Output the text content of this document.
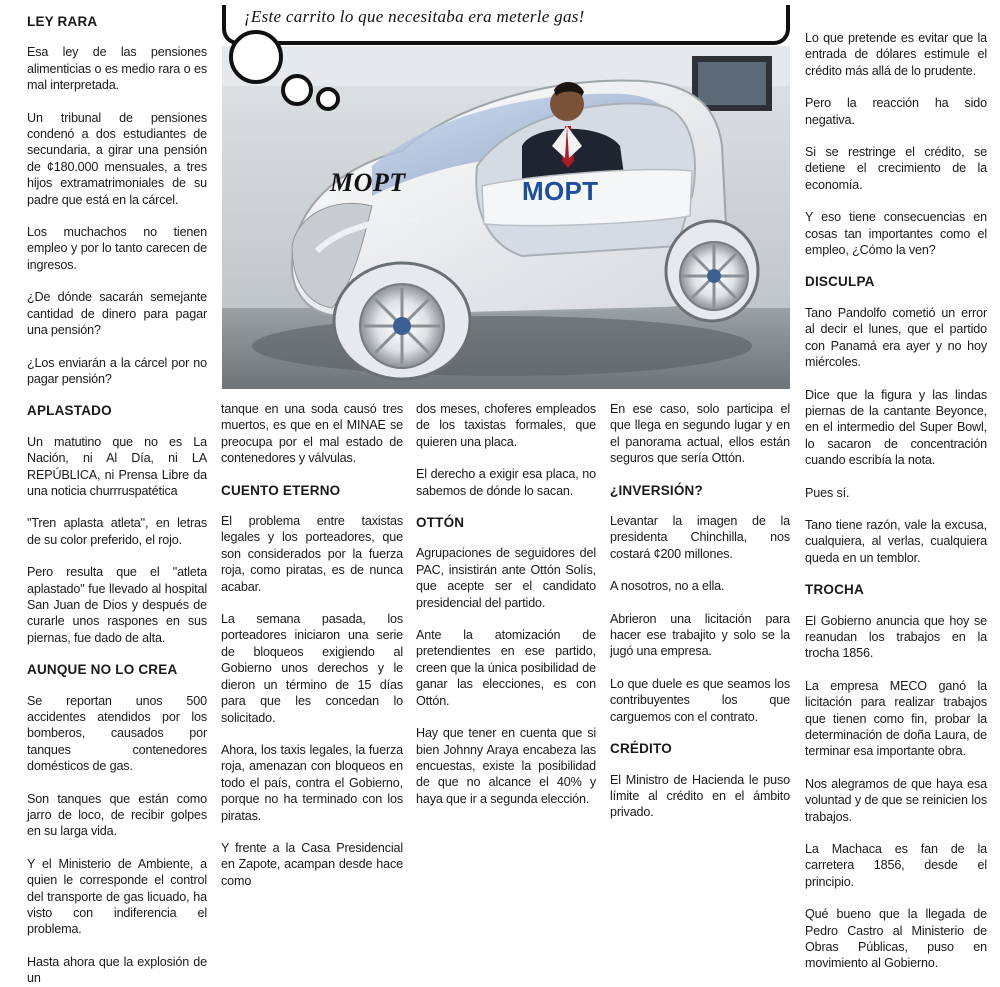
LEY RARA

Esa ley de las pensiones alimenticias o es medio rara o es mal interpretada.

Un tribunal de pensiones condenó a dos estudiantes de secundaria, a girar una pensión de ¢180.000 mensuales, a tres hijos extramatrimoniales de su padre que está en la cárcel.

Los muchachos no tienen empleo y por lo tanto carecen de ingresos.

¿De dónde sacarán semejante cantidad de dinero para pagar una pensión?

¿Los enviarán a la cárcel por no pagar pensión?

APLASTADO

Un matutino que no es La Nación, ni Al Día, ni LA REPÚBLICA, ni Prensa Libre da una noticia churrruspatética

"Tren aplasta atleta", en letras de su color preferido, el rojo.

Pero resulta que el "atleta aplastado" fue llevado al hospital San Juan de Dios y después de curarle unos raspones en sus piernas, fue dado de alta.

AUNQUE NO LO CREA

Se reportan unos 500 accidentes atendidos por los bomberos, causados por tanques contenedores domésticos de gas.

Son tanques que están como jarro de loco, de recibir golpes en su larga vida.

Y el Ministerio de Ambiente, a quien le corresponde el control del transporte de gas licuado, ha visto con indiferencia el problema.

Hasta ahora que la explosión de un

¡Este carrito lo que necesitaba era meterle gas!
MOPT	MOPT

tanque en una soda causó tres muertos, es que en el MINAE se preocupa por el mal estado de contenedores y válvulas.

CUENTO ETERNO

El problema entre taxistas legales y los porteadores, que son considerados por la fuerza roja, como piratas, es de nunca acabar.

La semana pasada, los porteadores iniciaron una serie de bloqueos exigiendo al Gobierno unos derechos y le dieron un término de 15 días para que les concedan lo solicitado.

Ahora, los taxis legales, la fuerza roja, amenazan con bloqueos en todo el país, contra el Gobierno, porque no ha terminado con los piratas.

Y frente a la Casa Presidencial en Zapote, acampan desde hace como

dos meses, choferes empleados de los taxistas formales, que quieren una placa.

El derecho a exigir esa placa, no sabemos de dónde lo sacan.

OTTÓN

Agrupaciones de seguidores del PAC, insistirán ante Ottón Solís, que acepte ser el candidato presidencial del partido.

Ante la atomización de pretendientes en ese partido, creen que la única posibilidad de ganar las elecciones, es con Ottón.

Hay que tener en cuenta que si bien Johnny Araya encabeza las encuestas, existe la posibilidad de que no alcance el 40% y haya que ir a segunda elección.

En ese caso, solo participa el que llega en segundo lugar y en el panorama actual, ellos están seguros que sería Ottón.

¿INVERSIÓN?

Levantar la imagen de la presidenta Chinchilla, nos costará ¢200 millones.

A nosotros, no a ella.

Abrieron una licitación para hacer ese trabajito y solo se la jugó una empresa.

Lo que duele es que seamos los contribuyentes los que carguemos con el contrato.

CRÉDITO

El Ministro de Hacienda le puso límite al crédito en el ámbito privado.

Lo que pretende es evitar que la entrada de dólares estimule el crédito más allá de lo prudente.

Pero la reacción ha sido negativa.

Si se restringe el crédito, se detiene el crecimiento de la economía.

Y eso tiene consecuencias en cosas tan importantes como el empleo, ¿Cómo la ven?

DISCULPA

Tano Pandolfo cometió un error al decir el lunes, que el partido con Panamá era ayer y no hoy miércoles.

Dice que la figura y las lindas piernas de la cantante Beyonce, en el intermedio del Super Bowl, lo sacaron de concentración cuando escribía la nota.

Pues sí.

Tano tiene razón, vale la excusa, cualquiera, al verlas, cualquiera queda en un temblor.

TROCHA

El Gobierno anuncia que hoy se reanudan los trabajos en la trocha 1856.

La empresa MECO ganó la licitación para realizar trabajos que tienen como fin, probar la determinación de doña Laura, de terminar esa importante obra.

Nos alegramos de que haya esa voluntad y de que se reinicien los trabajos.

La Machaca es fan de la carretera 1856, desde el principio.

Qué bueno que la llegada de Pedro Castro al Ministerio de Obras Públicas, puso en movimiento al Gobierno.
